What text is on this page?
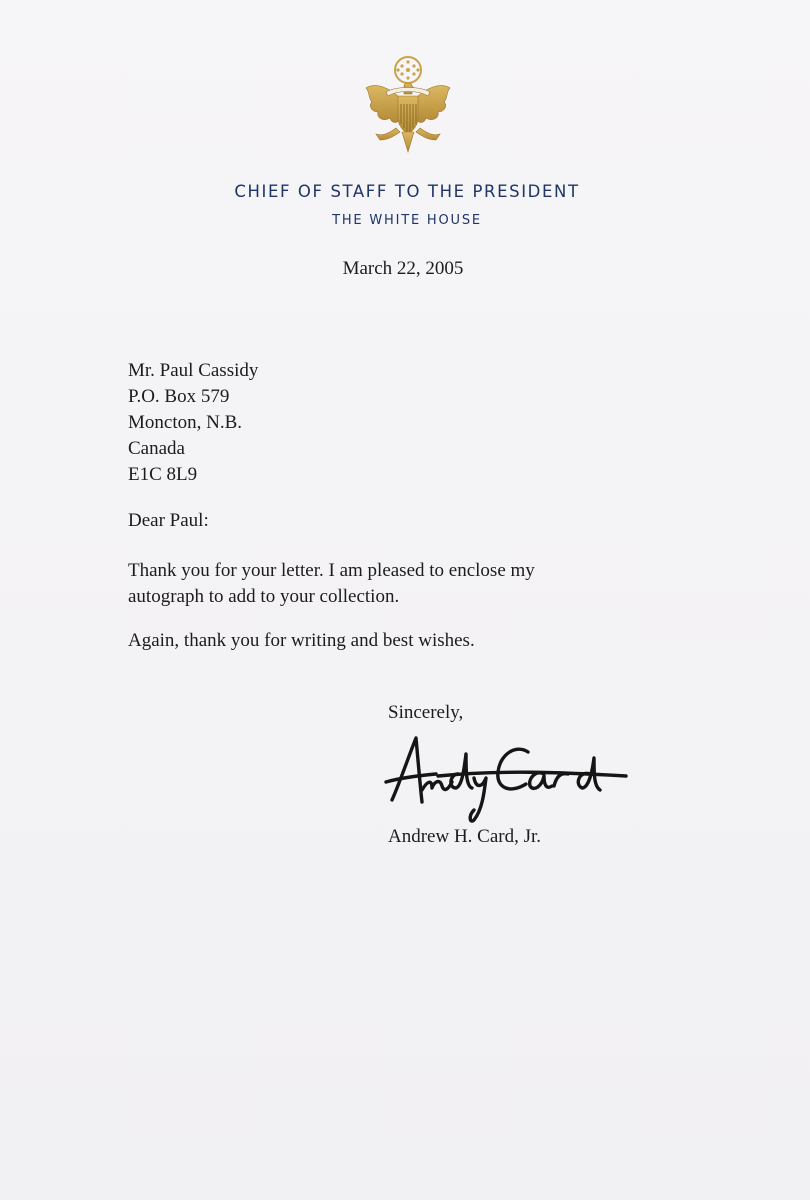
CHIEF OF STAFF TO THE PRESIDENT
THE WHITE HOUSE
March 22, 2005
Mr. Paul Cassidy
P.O. Box 579
Moncton, N.B.
Canada
E1C 8L9
Dear Paul:
Thank you for your letter. I am pleased to enclose my
autograph to add to your collection.
Again, thank you for writing and best wishes.
Sincerely,
Andrew H. Card, Jr.
